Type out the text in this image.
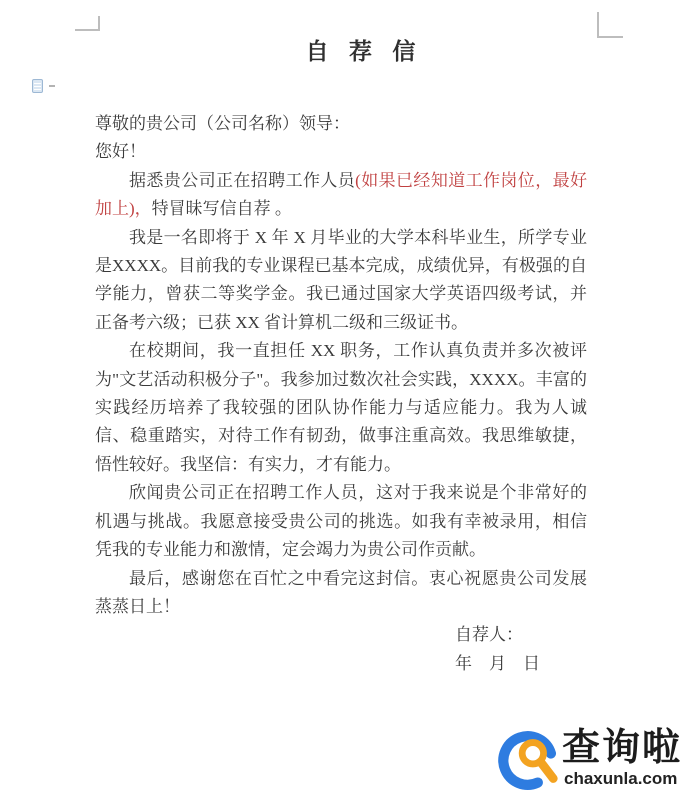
自 荐 信

尊敬的贵公司（公司名称）领导：

您好！

据悉贵公司正在招聘工作人员(如果已经知道工作岗位，最好加上)，特冒昧写信自荐 。

我是一名即将于 X 年 X 月毕业的大学本科毕业生，所学专业是XXXX。目前我的专业课程已基本完成，成绩优异，有极强的自学能力，曾获二等奖学金。我已通过国家大学英语四级考试，并正备考六级；已获 XX 省计算机二级和三级证书。

在校期间，我一直担任 XX 职务，工作认真负责并多次被评为"文艺活动积极分子"。我参加过数次社会实践，XXXX。丰富的实践经历培养了我较强的团队协作能力与适应能力。我为人诚信、稳重踏实，对待工作有韧劲，做事注重高效。我思维敏捷，悟性较好。我坚信：有实力，才有能力。

欣闻贵公司正在招聘工作人员，这对于我来说是个非常好的机遇与挑战。我愿意接受贵公司的挑选。如我有幸被录用，相信凭我的专业能力和激情，定会竭力为贵公司作贡献。

最后，感谢您在百忙之中看完这封信。衷心祝愿贵公司发展蒸蒸日上！

自荐人：

年　月　日

查询啦
chaxunla.com
